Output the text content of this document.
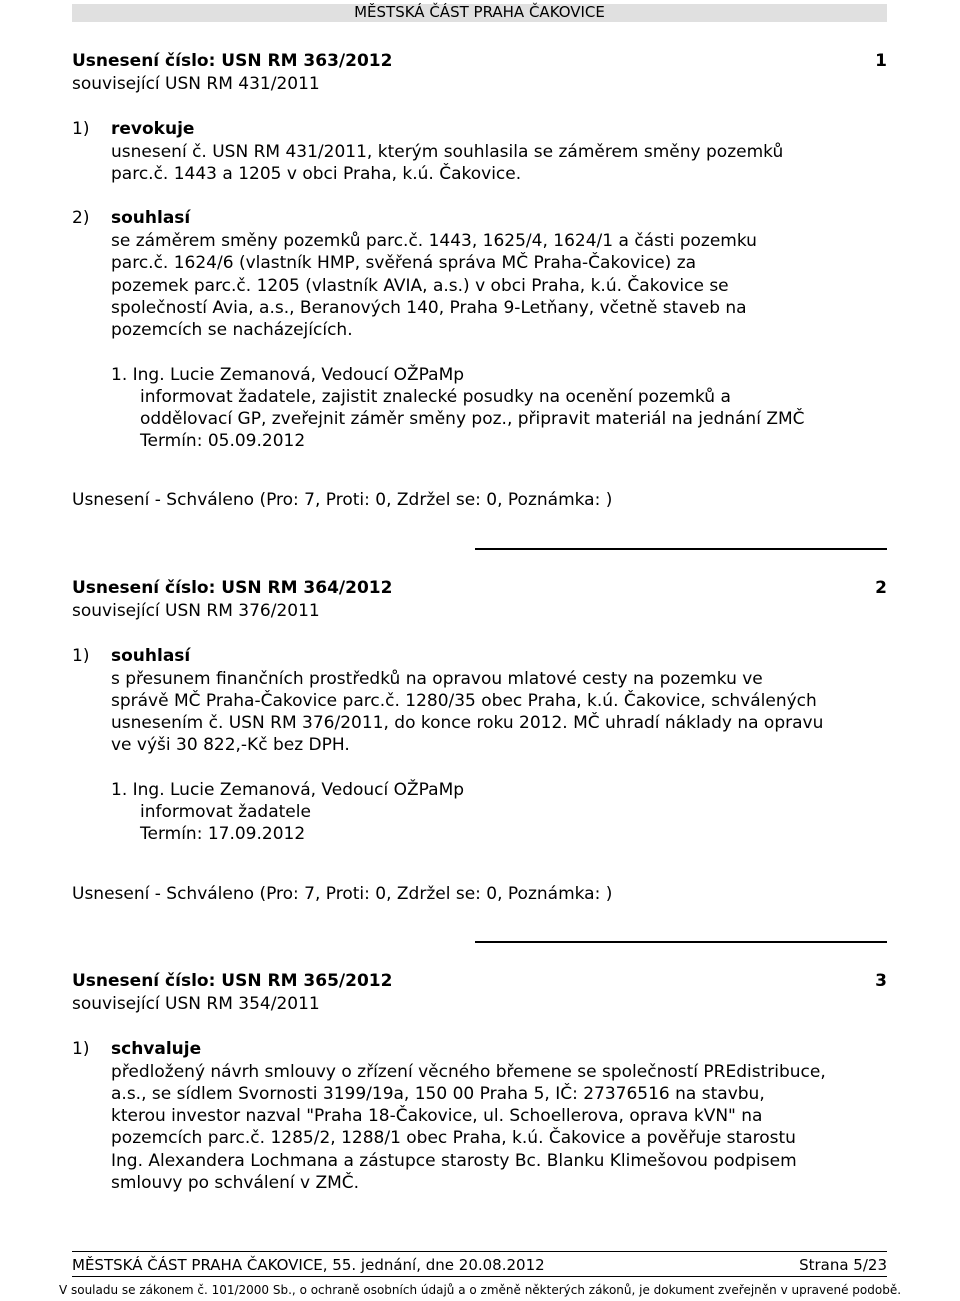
MĚSTSKÁ ČÁST PRAHA ČAKOVICE
Usnesení číslo: USN RM 363/2012	1
související USN RM 431/2011
1) revokuje
usnesení č. USN RM 431/2011, kterým souhlasila se záměrem směny pozemků
parc.č. 1443 a 1205 v obci Praha, k.ú. Čakovice.
2) souhlasí
se záměrem směny pozemků parc.č. 1443, 1625/4, 1624/1 a části pozemku
parc.č. 1624/6 (vlastník HMP, svěřená správa MČ Praha-Čakovice) za
pozemek parc.č. 1205 (vlastník AVIA, a.s.) v obci Praha, k.ú. Čakovice se
společností Avia, a.s., Beranových 140, Praha 9-Letňany, včetně staveb na
pozemcích se nacházejících.
1. Ing. Lucie Zemanová, Vedoucí OŽPaMp
informovat žadatele, zajistit znalecké posudky na ocenění pozemků a
oddělovací GP, zveřejnit záměr směny poz., připravit materiál na jednání ZMČ
Termín: 05.09.2012
Usnesení - Schváleno (Pro: 7, Proti: 0, Zdržel se: 0, Poznámka: )
Usnesení číslo: USN RM 364/2012	2
související USN RM 376/2011
1) souhlasí
s přesunem finančních prostředků na opravou mlatové cesty na pozemku ve
správě MČ Praha-Čakovice parc.č. 1280/35 obec Praha, k.ú. Čakovice, schválených
usnesením č. USN RM 376/2011, do konce roku 2012. MČ uhradí náklady na opravu
ve výši 30 822,-Kč bez DPH.
1. Ing. Lucie Zemanová, Vedoucí OŽPaMp
informovat žadatele
Termín: 17.09.2012
Usnesení - Schváleno (Pro: 7, Proti: 0, Zdržel se: 0, Poznámka: )
Usnesení číslo: USN RM 365/2012	3
související USN RM 354/2011
1) schvaluje
předložený návrh smlouvy o zřízení věcného břemene se společností PREdistribuce,
a.s., se sídlem Svornosti 3199/19a, 150 00 Praha 5, IČ: 27376516 na stavbu,
kterou investor nazval "Praha 18-Čakovice, ul. Schoellerova, oprava kVN" na
pozemcích parc.č. 1285/2, 1288/1 obec Praha, k.ú. Čakovice a pověřuje starostu
Ing. Alexandera Lochmana a zástupce starosty Bc. Blanku Klimešovou podpisem
smlouvy po schválení v ZMČ.
MĚSTSKÁ ČÁST PRAHA ČAKOVICE, 55. jednání, dne 20.08.2012	Strana 5/23
V souladu se zákonem č. 101/2000 Sb., o ochraně osobních údajů a o změně některých zákonů, je dokument zveřejněn v upravené podobě.
